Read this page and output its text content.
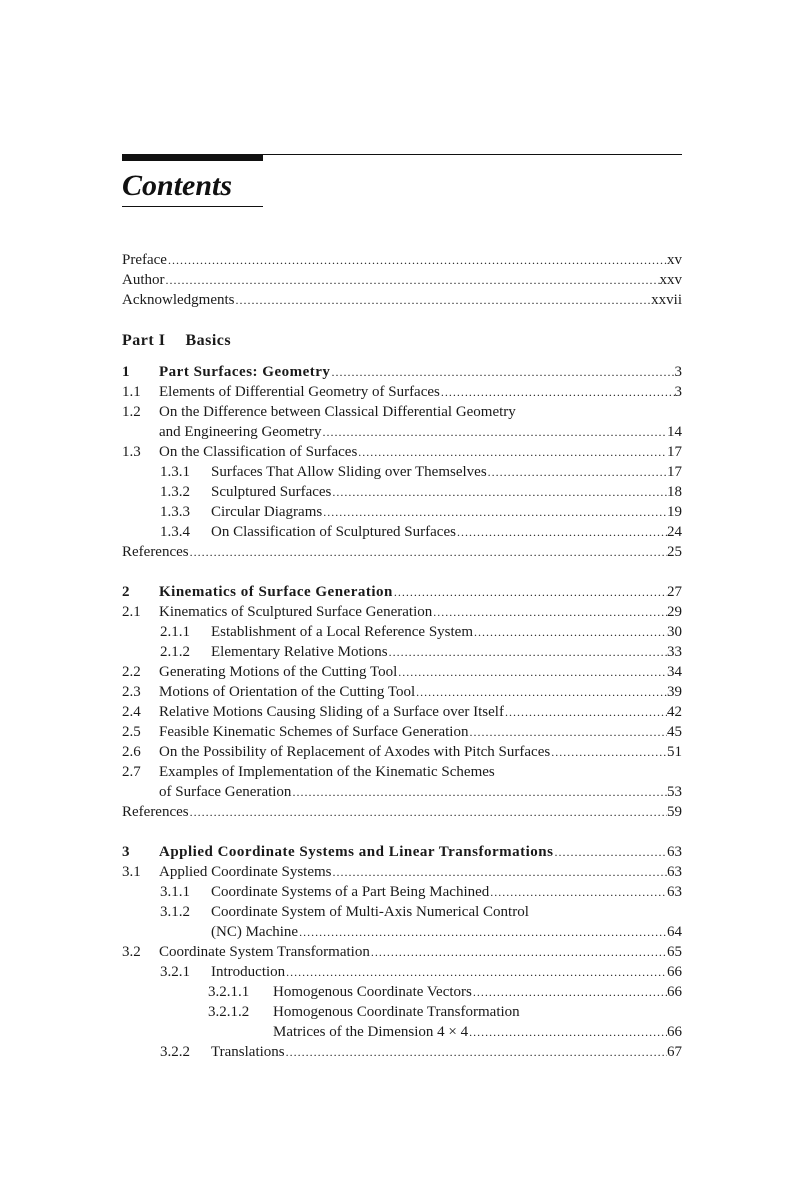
Contents
Preface .....	xv
Author .....	xxv
Acknowledgments .....	xxvii
Part I Basics
1 Part Surfaces: Geometry .....	3
1.1 Elements of Differential Geometry of Surfaces .....	3
1.2 On the Difference between Classical Differential Geometry
and Engineering Geometry .....	14
1.3 On the Classification of Surfaces .....	17
1.3.1 Surfaces That Allow Sliding over Themselves .....	17
1.3.2 Sculptured Surfaces .....	18
1.3.3 Circular Diagrams .....	19
1.3.4 On Classification of Sculptured Surfaces .....	24
References .....	25
2 Kinematics of Surface Generation .....	27
2.1 Kinematics of Sculptured Surface Generation .....	29
2.1.1 Establishment of a Local Reference System .....	30
2.1.2 Elementary Relative Motions .....	33
2.2 Generating Motions of the Cutting Tool .....	34
2.3 Motions of Orientation of the Cutting Tool .....	39
2.4 Relative Motions Causing Sliding of a Surface over Itself .....	42
2.5 Feasible Kinematic Schemes of Surface Generation .....	45
2.6 On the Possibility of Replacement of Axodes with Pitch Surfaces .....	51
2.7 Examples of Implementation of the Kinematic Schemes
of Surface Generation .....	53
References .....	59
3 Applied Coordinate Systems and Linear Transformations .....	63
3.1 Applied Coordinate Systems .....	63
3.1.1 Coordinate Systems of a Part Being Machined .....	63
3.1.2 Coordinate System of Multi-Axis Numerical Control
(NC) Machine .....	64
3.2 Coordinate System Transformation .....	65
3.2.1 Introduction .....	66
3.2.1.1 Homogenous Coordinate Vectors .....	66
3.2.1.2 Homogenous Coordinate Transformation
Matrices of the Dimension 4 × 4 .....	66
3.2.2 Translations .....	67
